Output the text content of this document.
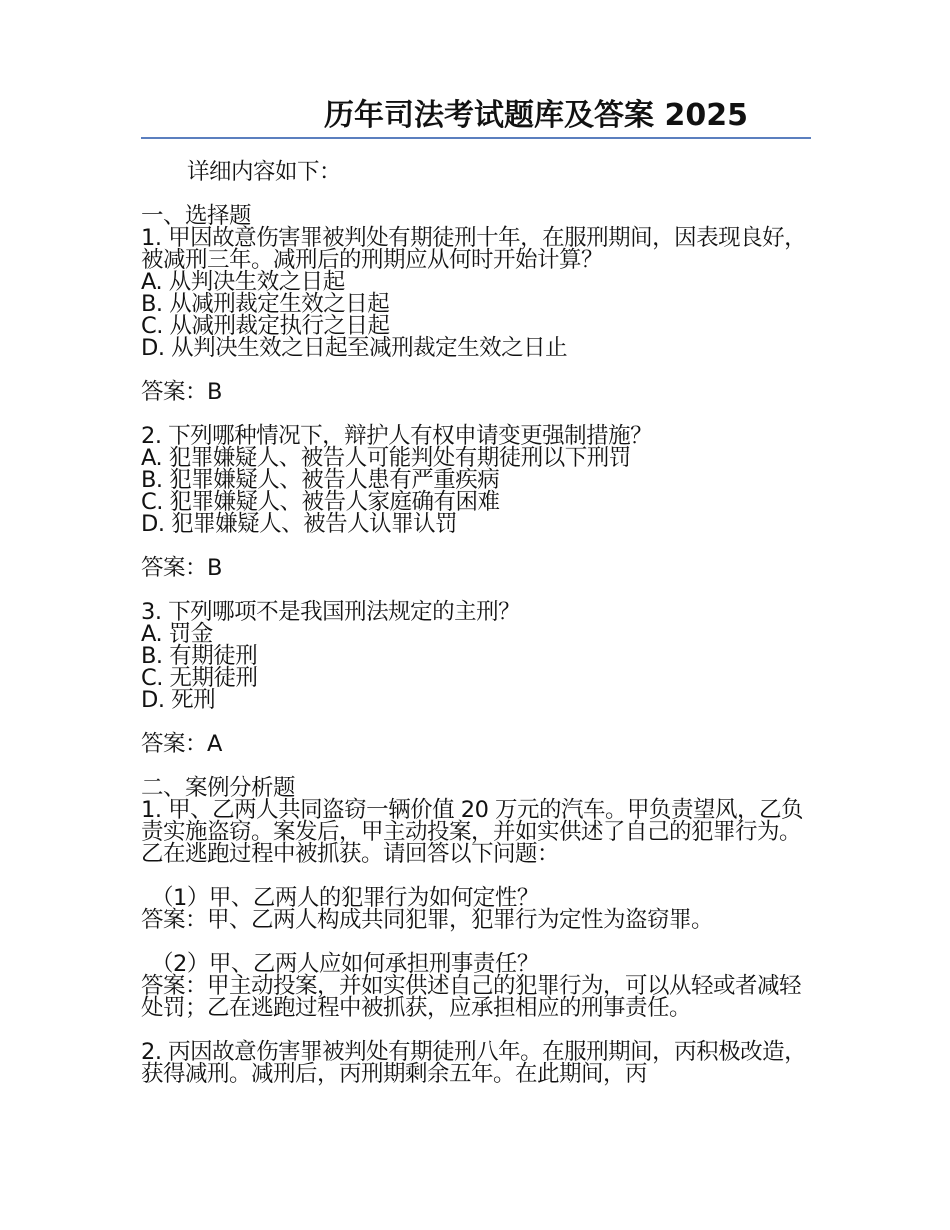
历年司法考试题库及答案 2025

详细内容如下：

一、选择题

1. 甲因故意伤害罪被判处有期徒刑十年，在服刑期间，因表现良好，被减刑三年。减刑后的刑期应从何时开始计算？

A. 从判决生效之日起

B. 从减刑裁定生效之日起

C. 从减刑裁定执行之日起

D. 从判决生效之日起至减刑裁定生效之日止

答案：B

2. 下列哪种情况下，辩护人有权申请变更强制措施？

A. 犯罪嫌疑人、被告人可能判处有期徒刑以下刑罚

B. 犯罪嫌疑人、被告人患有严重疾病

C. 犯罪嫌疑人、被告人家庭确有困难

D. 犯罪嫌疑人、被告人认罪认罚

答案：B

3. 下列哪项不是我国刑法规定的主刑？

A. 罚金

B. 有期徒刑

C. 无期徒刑

D. 死刑

答案：A

二、案例分析题

1. 甲、乙两人共同盗窃一辆价值 20 万元的汽车。甲负责望风，乙负责实施盗窃。案发后，甲主动投案，并如实供述了自己的犯罪行为。乙在逃跑过程中被抓获。请回答以下问题：

（1）甲、乙两人的犯罪行为如何定性？

答案：甲、乙两人构成共同犯罪，犯罪行为定性为盗窃罪。

（2）甲、乙两人应如何承担刑事责任？

答案：甲主动投案，并如实供述自己的犯罪行为，可以从轻或者减轻处罚；乙在逃跑过程中被抓获，应承担相应的刑事责任。

2. 丙因故意伤害罪被判处有期徒刑八年。在服刑期间，丙积极改造，获得减刑。减刑后，丙刑期剩余五年。在此期间，丙
